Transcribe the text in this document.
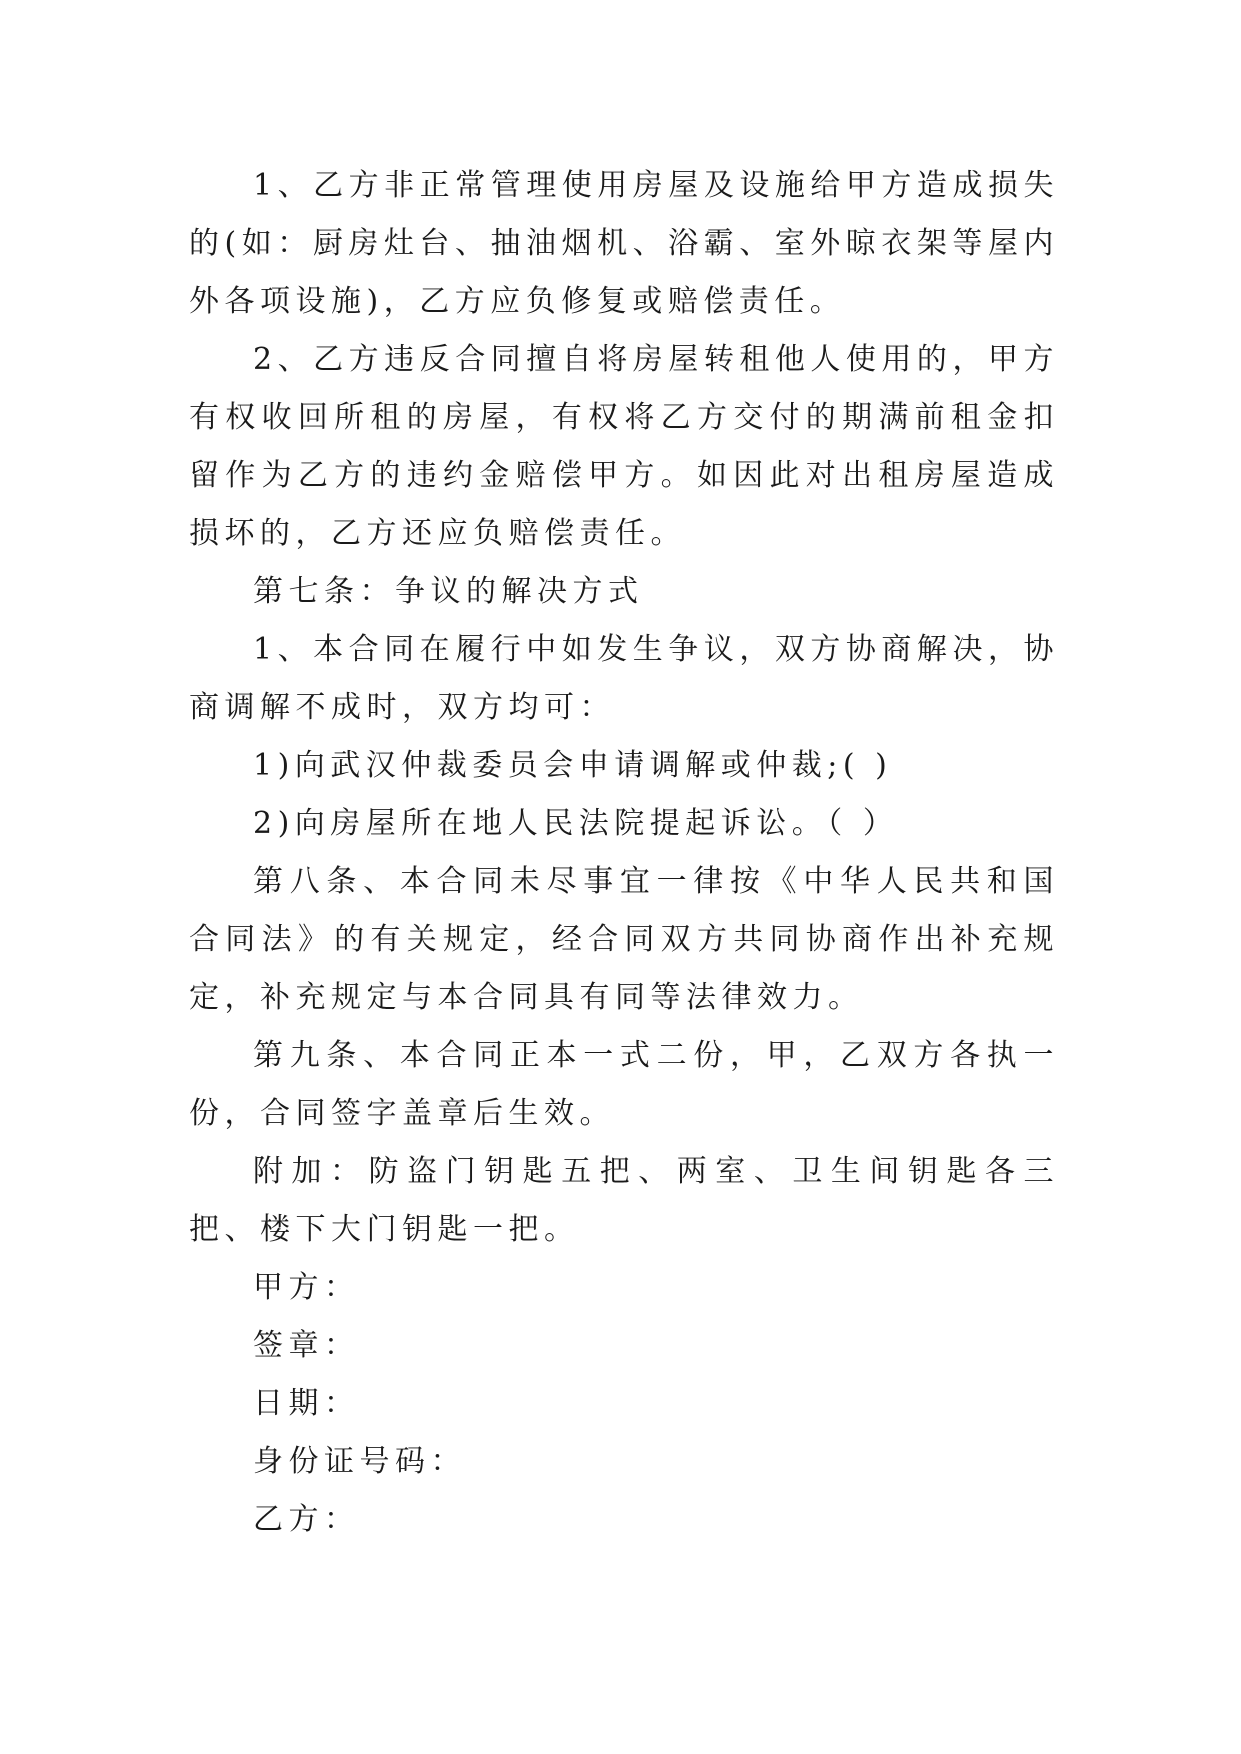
1、乙方非正常管理使用房屋及设施给甲方造成损失的(如：厨房灶台、抽油烟机、浴霸、室外晾衣架等屋内外各项设施)，乙方应负修复或赔偿责任。

2、乙方违反合同擅自将房屋转租他人使用的，甲方有权收回所租的房屋，有权将乙方交付的期满前租金扣留作为乙方的违约金赔偿甲方。如因此对出租房屋造成损坏的，乙方还应负赔偿责任。

第七条：争议的解决方式

1、本合同在履行中如发生争议，双方协商解决，协商调解不成时，双方均可：

1)向武汉仲裁委员会申请调解或仲裁;( )

2)向房屋所在地人民法院提起诉讼。（ ）

第八条、本合同未尽事宜一律按《中华人民共和国合同法》的有关规定，经合同双方共同协商作出补充规定，补充规定与本合同具有同等法律效力。

第九条、本合同正本一式二份，甲，乙双方各执一份，合同签字盖章后生效。

附加：防盗门钥匙五把、两室、卫生间钥匙各三把、楼下大门钥匙一把。

甲方：

签章：

日期：

身份证号码：

乙方：
